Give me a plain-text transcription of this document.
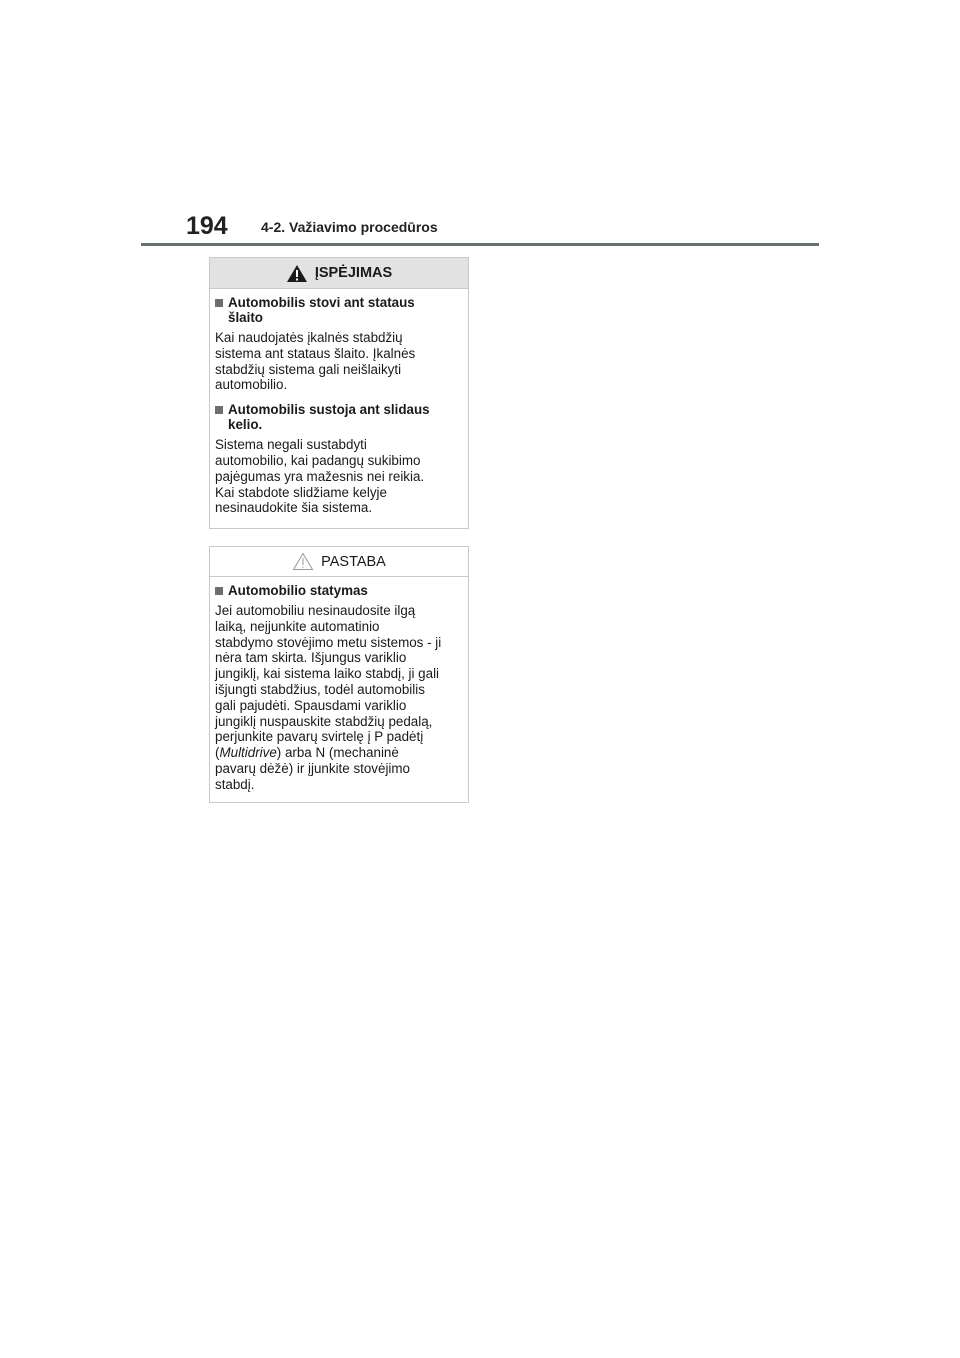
194 4-2. Važiavimo procedūros
ĮSPĖJIMAS
Automobilis stovi ant stataus
šlaito
Kai naudojatės įkalnės stabdžių
sistema ant stataus šlaito. Įkalnės
stabdžių sistema gali neišlaikyti
automobilio.
Automobilis sustoja ant slidaus
kelio.
Sistema negali sustabdyti
automobilio, kai padangų sukibimo
pajėgumas yra mažesnis nei reikia.
Kai stabdote slidžiame kelyje
nesinaudokite šia sistema.
PASTABA
Automobilio statymas
Jei automobiliu nesinaudosite ilgą
laiką, neįjunkite automatinio
stabdymo stovėjimo metu sistemos - ji
nėra tam skirta. Išjungus variklio
jungiklį, kai sistema laiko stabdį, ji gali
išjungti stabdžius, todėl automobilis
gali pajudėti. Spausdami variklio
jungiklį nuspauskite stabdžių pedalą,
perjunkite pavarų svirtelę į P padėtį
(Multidrive) arba N (mechaninė
pavarų dėžė) ir įjunkite stovėjimo
stabdį.
